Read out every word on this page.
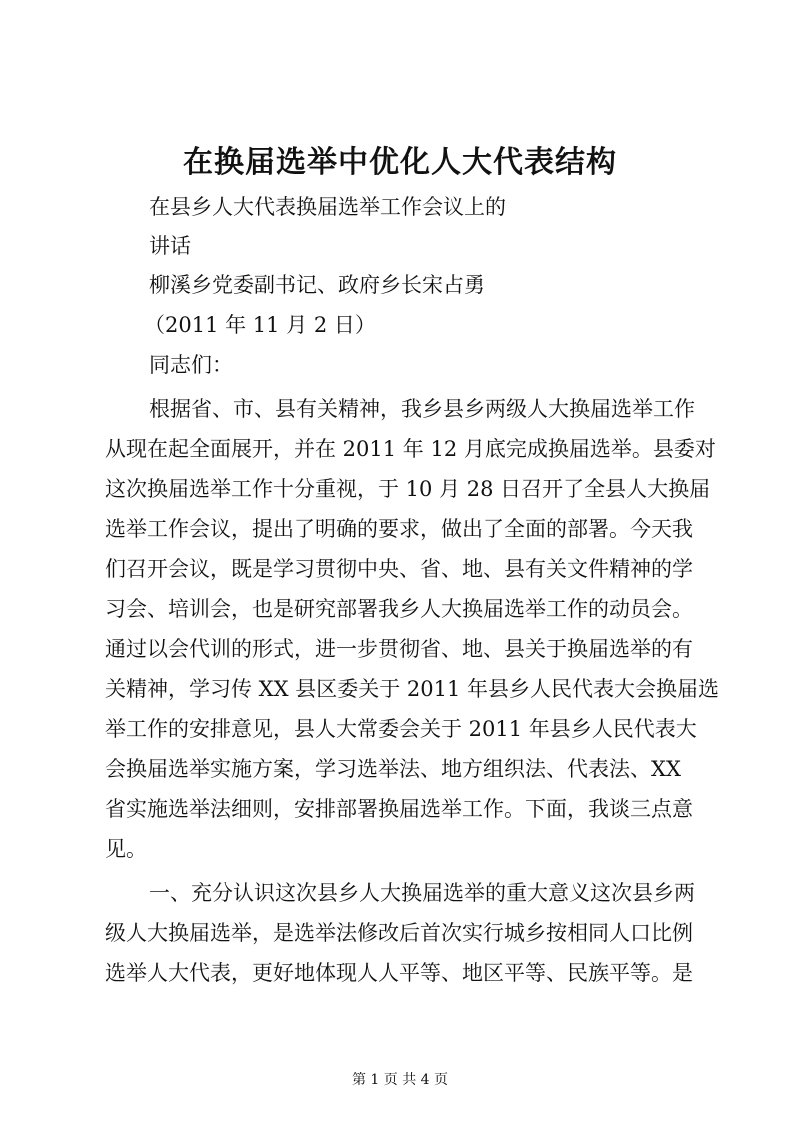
在换届选举中优化人大代表结构
在县乡人大代表换届选举工作会议上的
讲话
柳溪乡党委副书记、政府乡长宋占勇
（2011 年 11 月 2 日）
同志们：
根据省、市、县有关精神，我乡县乡两级人大换届选举工作
从现在起全面展开，并在 2011 年 12 月底完成换届选举。县委对
这次换届选举工作十分重视，于 10 月 28 日召开了全县人大换届
选举工作会议，提出了明确的要求，做出了全面的部署。今天我
们召开会议，既是学习贯彻中央、省、地、县有关文件精神的学
习会、培训会，也是研究部署我乡人大换届选举工作的动员会。
通过以会代训的形式，进一步贯彻省、地、县关于换届选举的有
关精神，学习传 XX 县区委关于 2011 年县乡人民代表大会换届选
举工作的安排意见，县人大常委会关于 2011 年县乡人民代表大
会换届选举实施方案，学习选举法、地方组织法、代表法、XX
省实施选举法细则，安排部署换届选举工作。下面，我谈三点意
见。
一、充分认识这次县乡人大换届选举的重大意义这次县乡两
级人大换届选举，是选举法修改后首次实行城乡按相同人口比例
选举人大代表，更好地体现人人平等、地区平等、民族平等。是
第 1 页 共 4 页
